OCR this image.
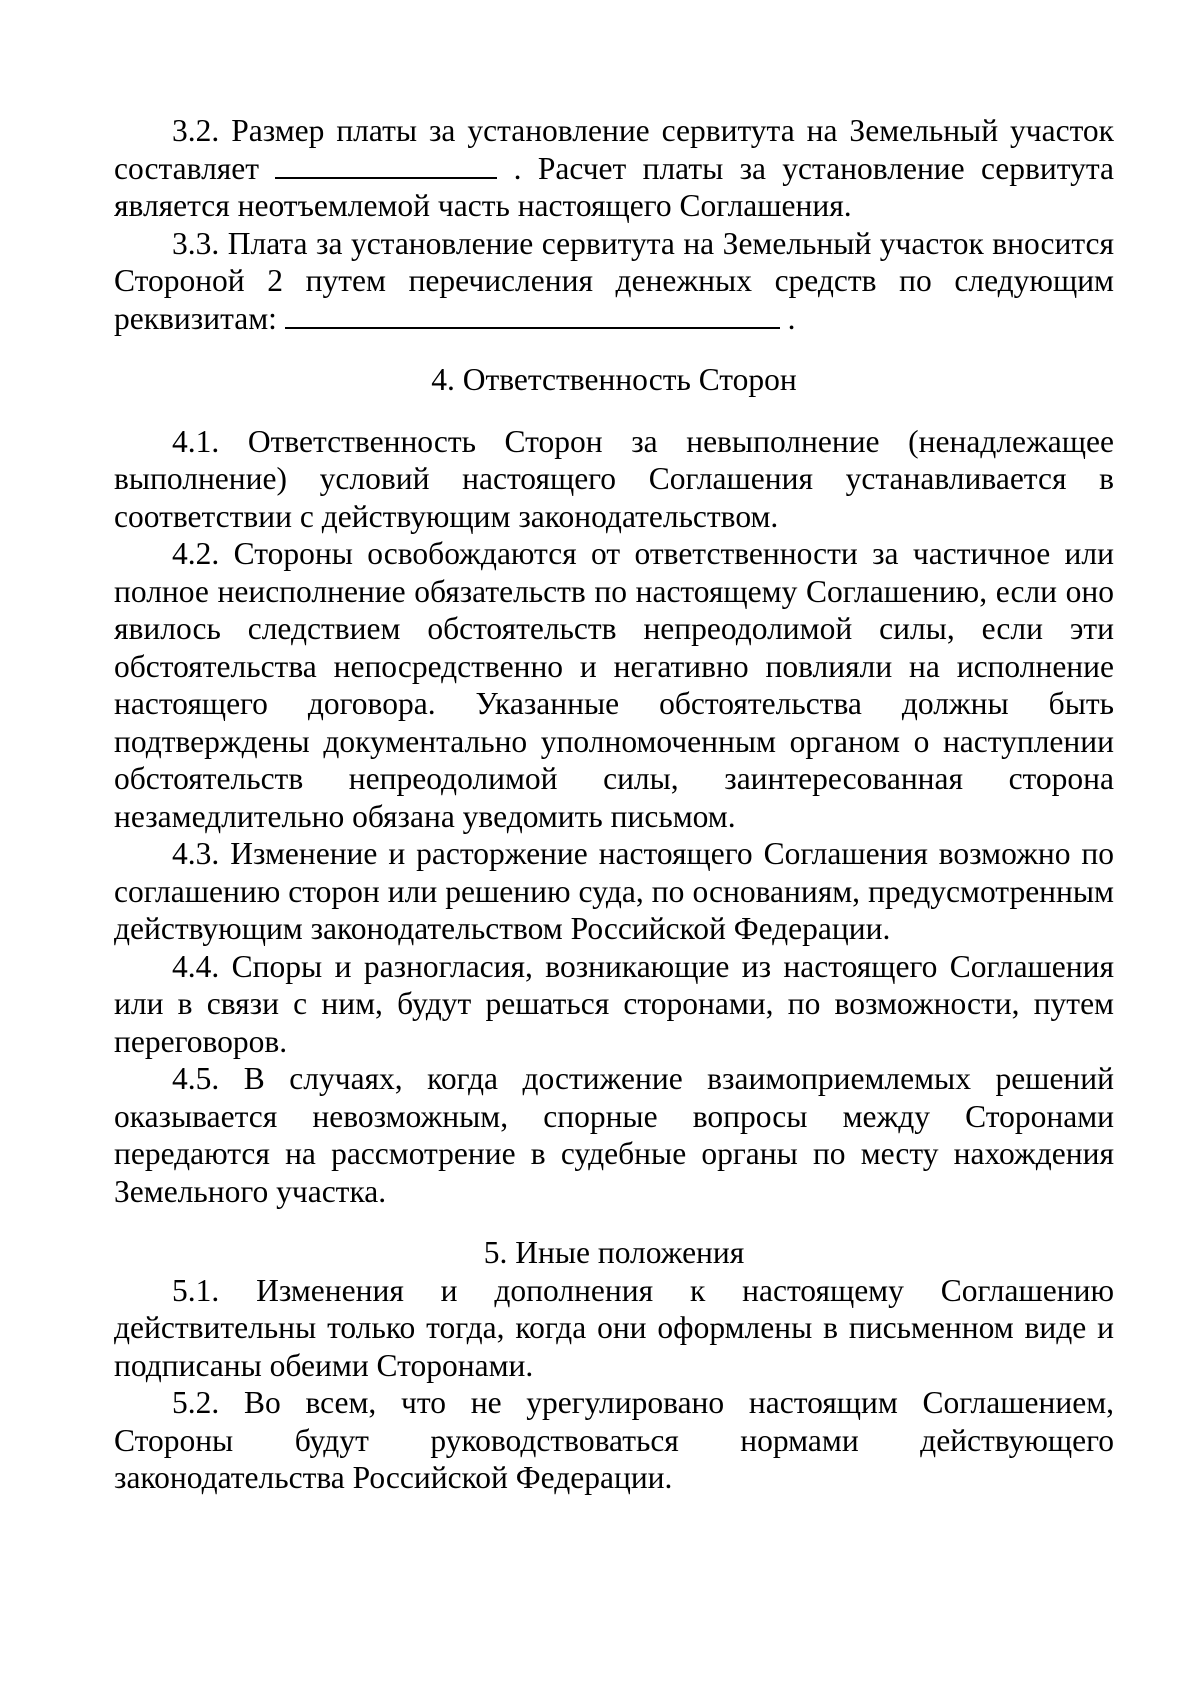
3.2. Размер платы за установление сервитута на Земельный участок составляет	. Расчет платы за установление сервитута является неотъемлемой часть настоящего Соглашения.

3.3. Плата за установление сервитута на Земельный участок вносится Стороной 2 путем перечисления денежных средств по следующим реквизитам:	.

4. Ответственность Сторон

4.1. Ответственность Сторон за невыполнение (ненадлежащее выполнение) условий настоящего Соглашения устанавливается в соответствии с действующим законодательством.

4.2. Стороны освобождаются от ответственности за частичное или полное неисполнение обязательств по настоящему Соглашению, если оно явилось следствием обстоятельств непреодолимой силы, если эти обстоятельства непосредственно и негативно повлияли на исполнение настоящего договора. Указанные обстоятельства должны быть подтверждены документально уполномоченным органом о наступлении обстоятельств непреодолимой силы, заинтересованная сторона незамедлительно обязана уведомить письмом.

4.3. Изменение и расторжение настоящего Соглашения возможно по соглашению сторон или решению суда, по основаниям, предусмотренным действующим законодательством Российской Федерации.

4.4. Споры и разногласия, возникающие из настоящего Соглашения или в связи с ним, будут решаться сторонами, по возможности, путем переговоров.

4.5. В случаях, когда достижение взаимоприемлемых решений оказывается невозможным, спорные вопросы между Сторонами передаются на рассмотрение в судебные органы по месту нахождения Земельного участка.

5. Иные положения

5.1. Изменения и дополнения к настоящему Соглашению действительны только тогда, когда они оформлены в письменном виде и подписаны обеими Сторонами.

5.2. Во всем, что не урегулировано настоящим Соглашением, Стороны будут руководствоваться нормами действующего законодательства Российской Федерации.
